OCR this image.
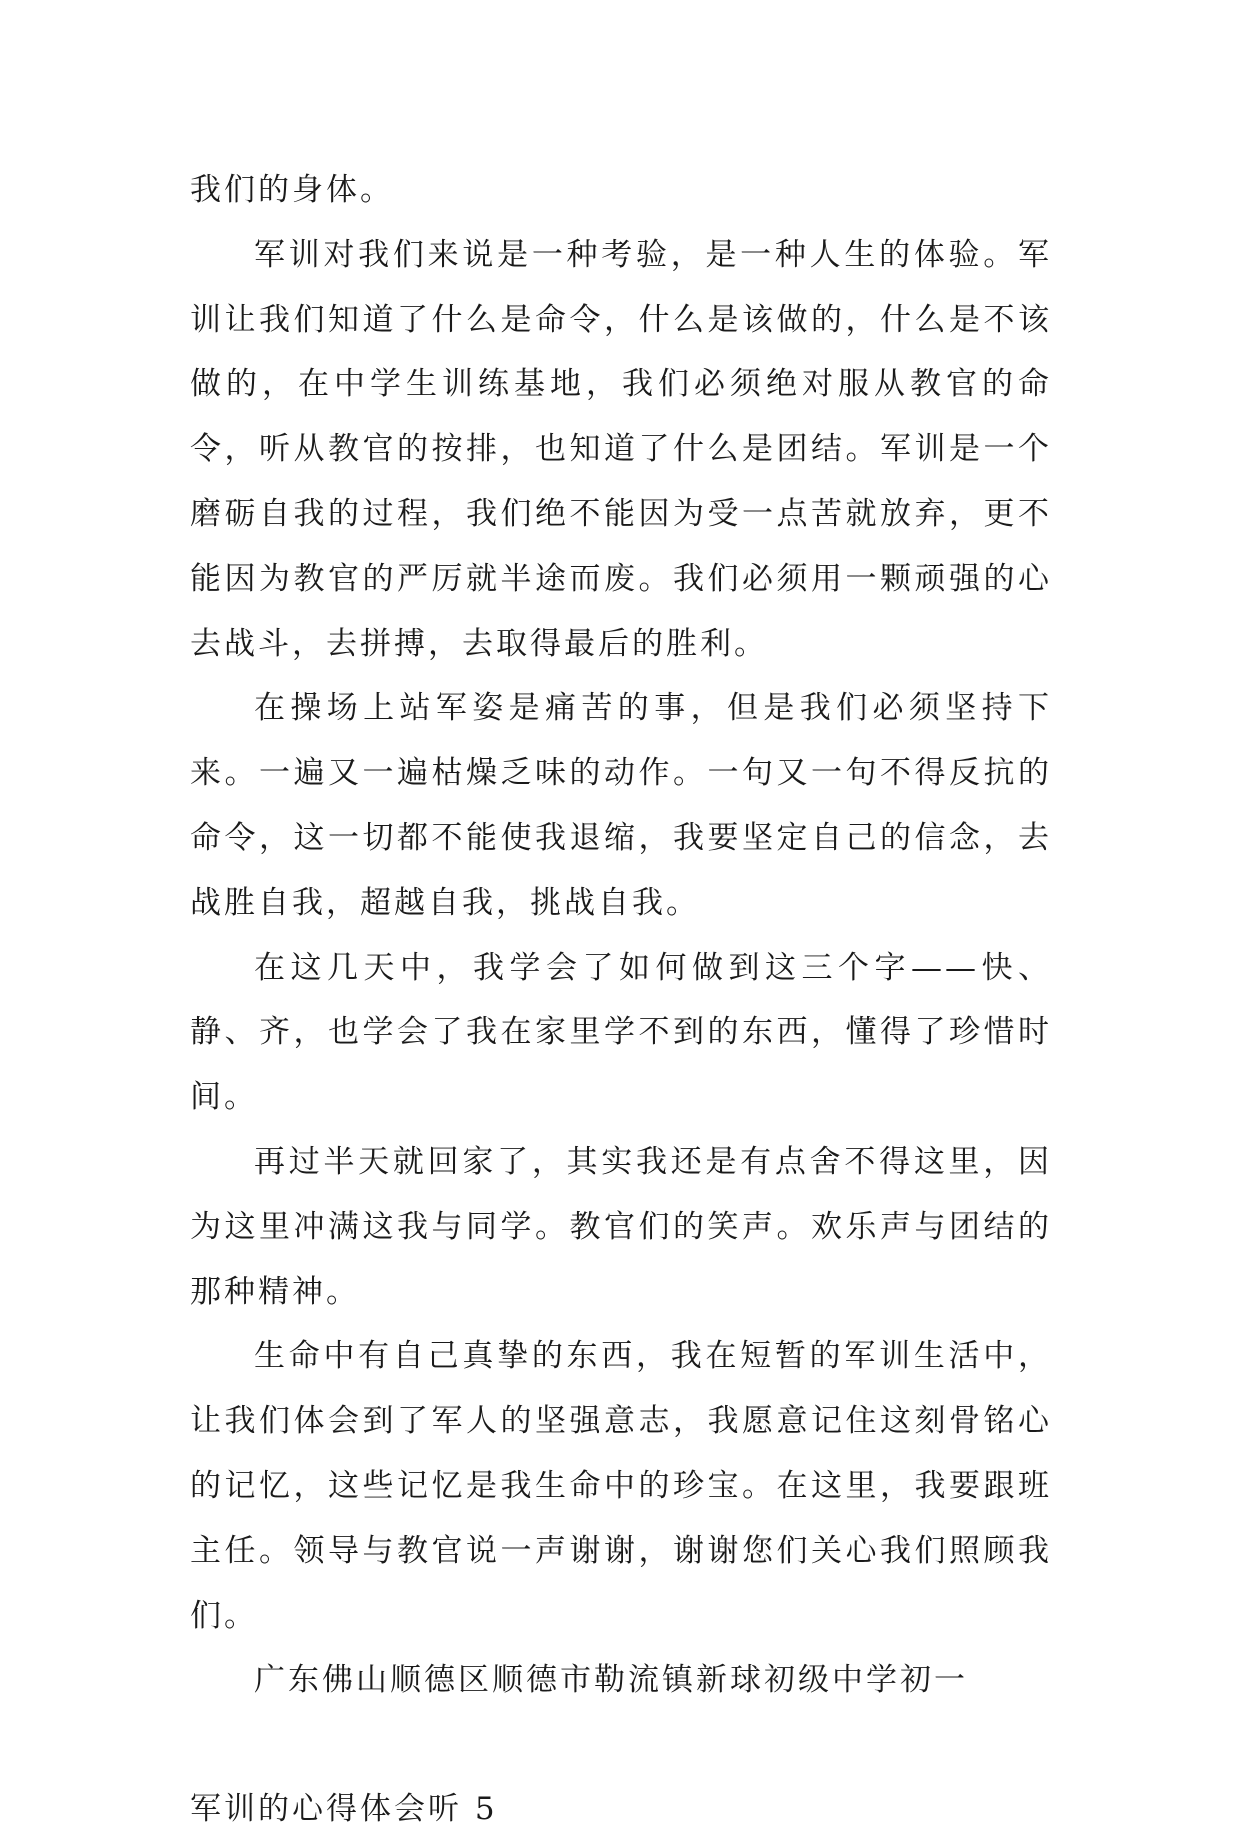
我们的身体。

军训对我们来说是一种考验，是一种人生的体验。军训让我们知道了什么是命令，什么是该做的，什么是不该做的，在中学生训练基地，我们必须绝对服从教官的命令，听从教官的按排，也知道了什么是团结。军训是一个磨砺自我的过程，我们绝不能因为受一点苦就放弃，更不能因为教官的严厉就半途而废。我们必须用一颗顽强的心去战斗，去拼搏，去取得最后的胜利。

在操场上站军姿是痛苦的事，但是我们必须坚持下来。一遍又一遍枯燥乏味的动作。一句又一句不得反抗的命令，这一切都不能使我退缩，我要坚定自己的信念，去战胜自我，超越自我，挑战自我。

在这几天中，我学会了如何做到这三个字——快、静、齐，也学会了我在家里学不到的东西，懂得了珍惜时间。

再过半天就回家了，其实我还是有点舍不得这里，因为这里冲满这我与同学。教官们的笑声。欢乐声与团结的那种精神。

生命中有自己真挚的东西，我在短暂的军训生活中，让我们体会到了军人的坚强意志，我愿意记住这刻骨铭心的记忆，这些记忆是我生命中的珍宝。在这里，我要跟班主任。领导与教官说一声谢谢，谢谢您们关心我们照顾我们。

广东佛山顺德区顺德市勒流镇新球初级中学初一

军训的心得体会听 5
